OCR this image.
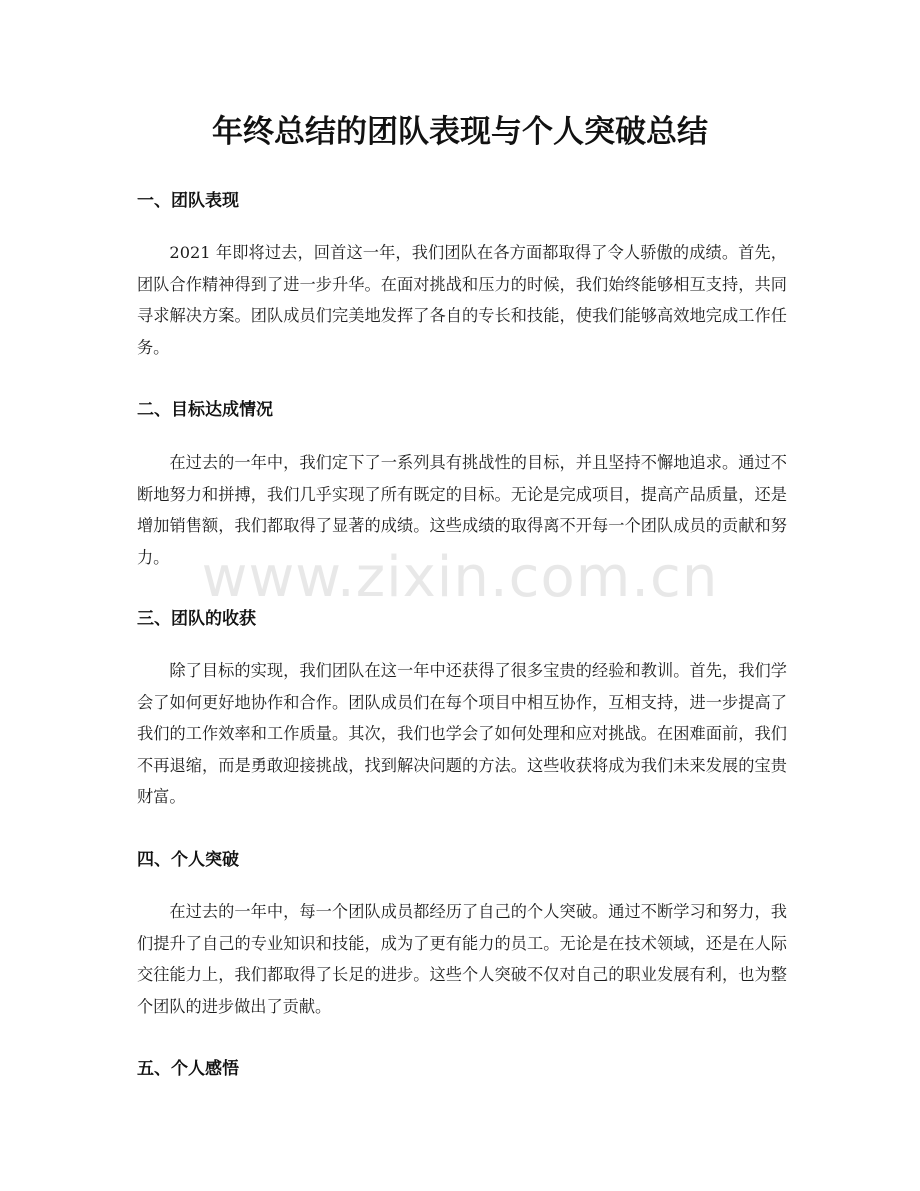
年终总结的团队表现与个人突破总结
一、团队表现

2021 年即将过去，回首这一年，我们团队在各方面都取得了令人骄傲的成绩。首先，团队合作精神得到了进一步升华。在面对挑战和压力的时候，我们始终能够相互支持，共同寻求解决方案。团队成员们完美地发挥了各自的专长和技能，使我们能够高效地完成工作任务。

二、目标达成情况

在过去的一年中，我们定下了一系列具有挑战性的目标，并且坚持不懈地追求。通过不断地努力和拼搏，我们几乎实现了所有既定的目标。无论是完成项目，提高产品质量，还是增加销售额，我们都取得了显著的成绩。这些成绩的取得离不开每一个团队成员的贡献和努力。

三、团队的收获

除了目标的实现，我们团队在这一年中还获得了很多宝贵的经验和教训。首先，我们学会了如何更好地协作和合作。团队成员们在每个项目中相互协作，互相支持，进一步提高了我们的工作效率和工作质量。其次，我们也学会了如何处理和应对挑战。在困难面前，我们不再退缩，而是勇敢迎接挑战，找到解决问题的方法。这些收获将成为我们未来发展的宝贵财富。

四、个人突破

在过去的一年中，每一个团队成员都经历了自己的个人突破。通过不断学习和努力，我们提升了自己的专业知识和技能，成为了更有能力的员工。无论是在技术领域，还是在人际交往能力上，我们都取得了长足的进步。这些个人突破不仅对自己的职业发展有利，也为整个团队的进步做出了贡献。

五、个人感悟
www.zixin.com.cn
